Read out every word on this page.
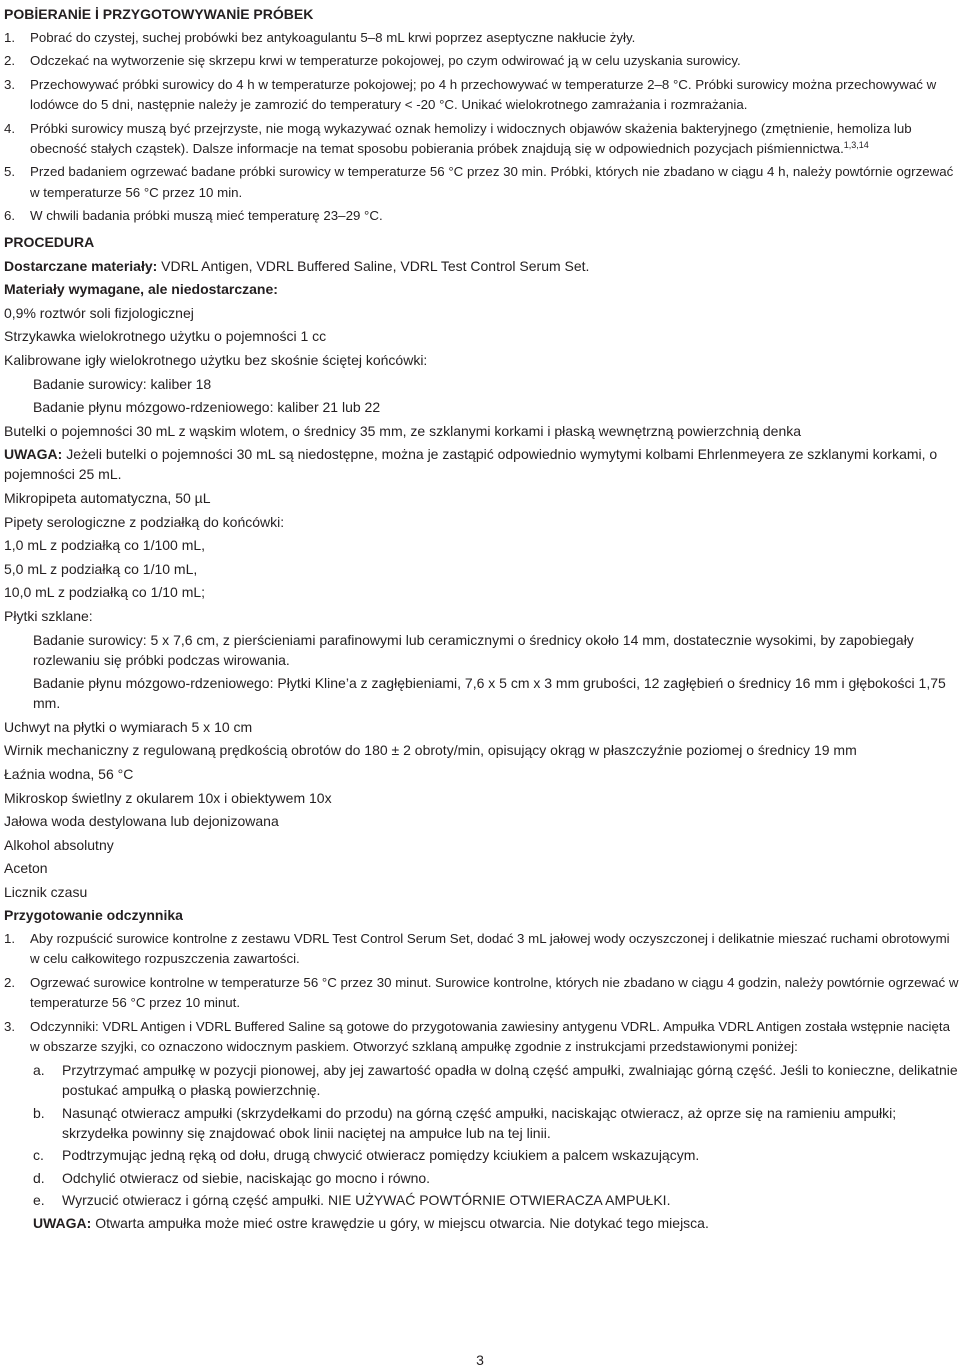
POBİERANİE İ PRZYGOTOWYWANİE PRÓBEK
1. Pobrać do czystej, suchej probówki bez antykoagulantu 5–8 mL krwi poprzez aseptyczne nakłucie żyły.
2. Odczekać na wytworzenie się skrzepu krwi w temperaturze pokojowej, po czym odwirować ją w celu uzyskania surowicy.
3. Przechowywać próbki surowicy do 4 h w temperaturze pokojowej; po 4 h przechowywać w temperaturze 2–8 °C. Próbki surowicy można przechowywać w lodówce do 5 dni, następnie należy je zamrozić do temperatury < -20 °C. Unikać wielokrotnego zamrażania i rozmrażania.
4. Próbki surowicy muszą być przejrzyste, nie mogą wykazywać oznak hemolizy i widocznych objawów skażenia bakteryjnego (zmętnienie, hemoliza lub obecność stałych cząstek). Dalsze informacje na temat sposobu pobierania próbek znajdują się w odpowiednich pozycjach piśmiennictwa.$^{1,3,14}$
5. Przed badaniem ogrzewać badane próbki surowicy w temperaturze 56 °C przez 30 min. Próbki, których nie zbadano w ciągu 4 h, należy powtórnie ogrzewać w temperaturze 56 °C przez 10 min.
6. W chwili badania próbki muszą mieć temperaturę 23–29 °C.
PROCEDURA
Dostarczane materiały: VDRL Antigen, VDRL Buffered Saline, VDRL Test Control Serum Set.
Materiały wymagane, ale niedostarczane:
0,9% roztwór soli fizjologicznej
Strzykawka wielokrotnego użytku o pojemności 1 cc
Kalibrowane igły wielokrotnego użytku bez skośnie ściętej końcówki:
Badanie surowicy: kaliber 18
Badanie płynu mózgowo-rdzeniowego: kaliber 21 lub 22
Butelki o pojemności 30 mL z wąskim wlotem, o średnicy 35 mm, ze szklanymi korkami i płaską wewnętrzną powierzchnią denka
UWAGA: Jeżeli butelki o pojemności 30 mL są niedostępne, można je zastąpić odpowiednio wymytymi kolbami Ehrlenmeyera ze szklanymi korkami, o pojemności 25 mL.
Mikropipeta automatyczna, 50 µL
Pipety serologiczne z podziałką do końcówki:
1,0 mL z podziałką co 1/100 mL,
5,0 mL z podziałką co 1/10 mL,
10,0 mL z podziałką co 1/10 mL;
Płytki szklane:
Badanie surowicy: 5 x 7,6 cm, z pierścieniami parafinowymi lub ceramicznymi o średnicy około 14 mm, dostatecznie wysokimi, by zapobiegały rozlewaniu się próbki podczas wirowania.
Badanie płynu mózgowo-rdzeniowego: Płytki Kline’a z zagłębieniami, 7,6 x 5 cm x 3 mm grubości, 12 zagłębień o średnicy 16 mm i głębokości 1,75 mm.
Uchwyt na płytki o wymiarach 5 x 10 cm
Wirnik mechaniczny z regulowaną prędkością obrotów do 180 ± 2 obroty/min, opisujący okrąg w płaszczyźnie poziomej o średnicy 19 mm
Łaźnia wodna, 56 °C
Mikroskop świetlny z okularem 10x i obiektywem 10x
Jałowa woda destylowana lub dejonizowana
Alkohol absolutny
Aceton
Licznik czasu
Przygotowanie odczynnika
1. Aby rozpuścić surowice kontrolne z zestawu VDRL Test Control Serum Set, dodać 3 mL jałowej wody oczyszczonej i delikatnie mieszać ruchami obrotowymi w celu całkowitego rozpuszczenia zawartości.
2. Ogrzewać surowice kontrolne w temperaturze 56 °C przez 30 minut. Surowice kontrolne, których nie zbadano w ciągu 4 godzin, należy powtórnie ogrzewać w temperaturze 56 °C przez 10 minut.
3. Odczynniki: VDRL Antigen i VDRL Buffered Saline są gotowe do przygotowania zawiesiny antygenu VDRL. Ampułka VDRL Antigen została wstępnie nacięta w obszarze szyjki, co oznaczono widocznym paskiem. Otworzyć szklaną ampułkę zgodnie z instrukcjami przedstawionymi poniżej:
a. Przytrzymać ampułkę w pozycji pionowej, aby jej zawartość opadła w dolną część ampułki, zwalniając górną część. Jeśli to konieczne, delikatnie postukać ampułką o płaską powierzchnię.
b. Nasunąć otwieracz ampułki (skrzydełkami do przodu) na górną część ampułki, naciskając otwieracz, aż oprze się na ramieniu ampułki; skrzydełka powinny się znajdować obok linii naciętej na ampułce lub na tej linii.
c. Podtrzymując jedną ręką od dołu, drugą chwycić otwieracz pomiędzy kciukiem a palcem wskazującym.
d. Odchylić otwieracz od siebie, naciskając go mocno i równo.
e. Wyrzucić otwieracz i górną część ampułki. NIE UŻYWAĆ POWTÓRNIE OTWIERACZA AMPUŁKI.
UWAGA: Otwarta ampułka może mieć ostre krawędzie u góry, w miejscu otwarcia. Nie dotykać tego miejsca.
3
